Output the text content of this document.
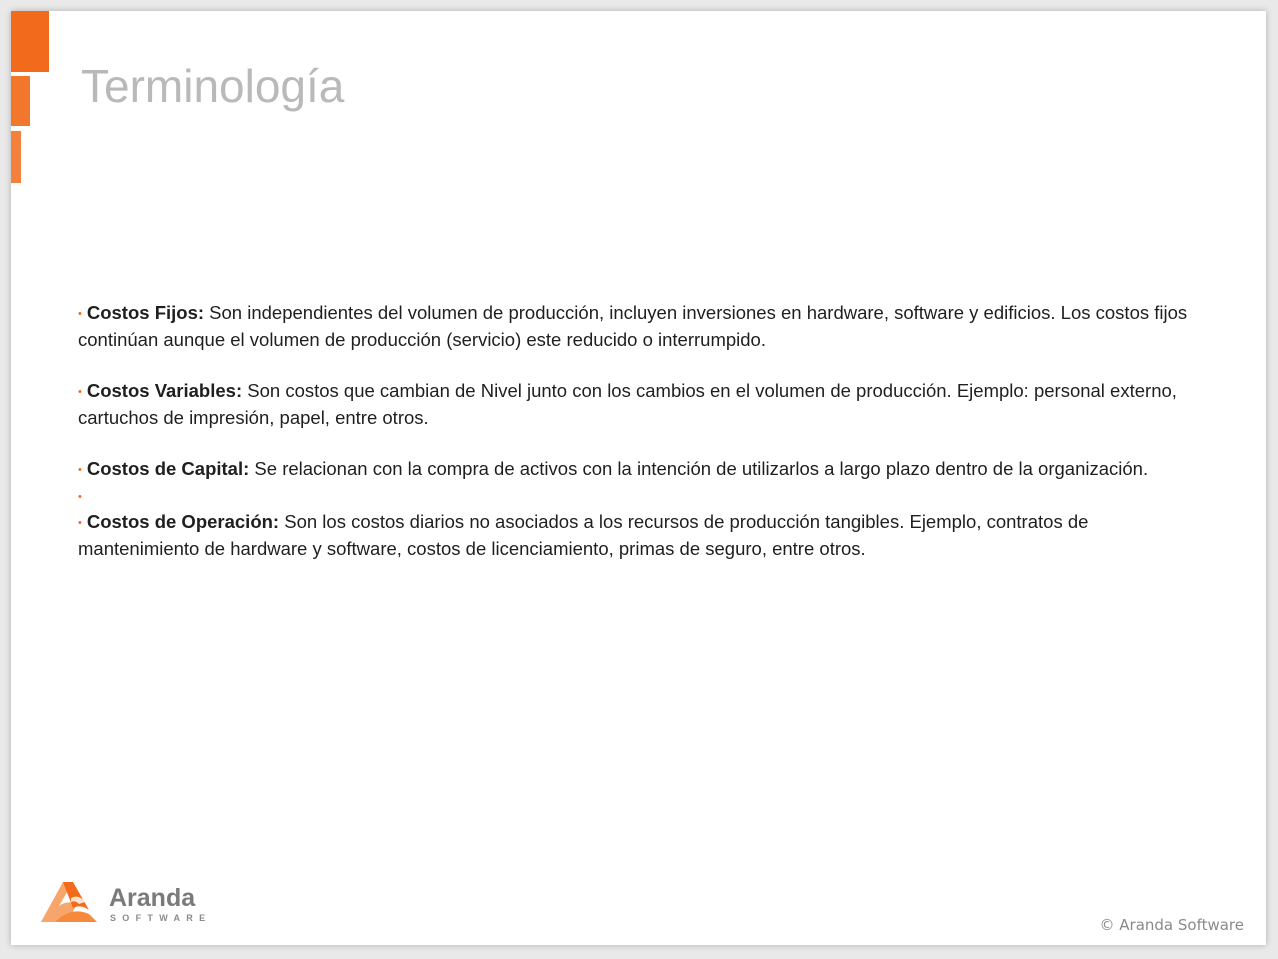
Terminología

• Costos Fijos: Son independientes del volumen de producción, incluyen inversiones en hardware, software y edificios. Los costos fijos continúan aunque el volumen de producción (servicio) este reducido o interrumpido.

• Costos Variables: Son costos que cambian de Nivel junto con los cambios en el volumen de producción. Ejemplo: personal externo, cartuchos de impresión, papel, entre otros.

• Costos de Capital: Se relacionan con la compra de activos con la intención de utilizarlos a largo plazo dentro de la organización.

•

• Costos de Operación: Son los costos diarios no asociados a los recursos de producción tangibles. Ejemplo, contratos de mantenimiento de hardware y software, costos de licenciamiento, primas de seguro, entre otros.

Aranda
SOFTWARE	© Aranda Software
